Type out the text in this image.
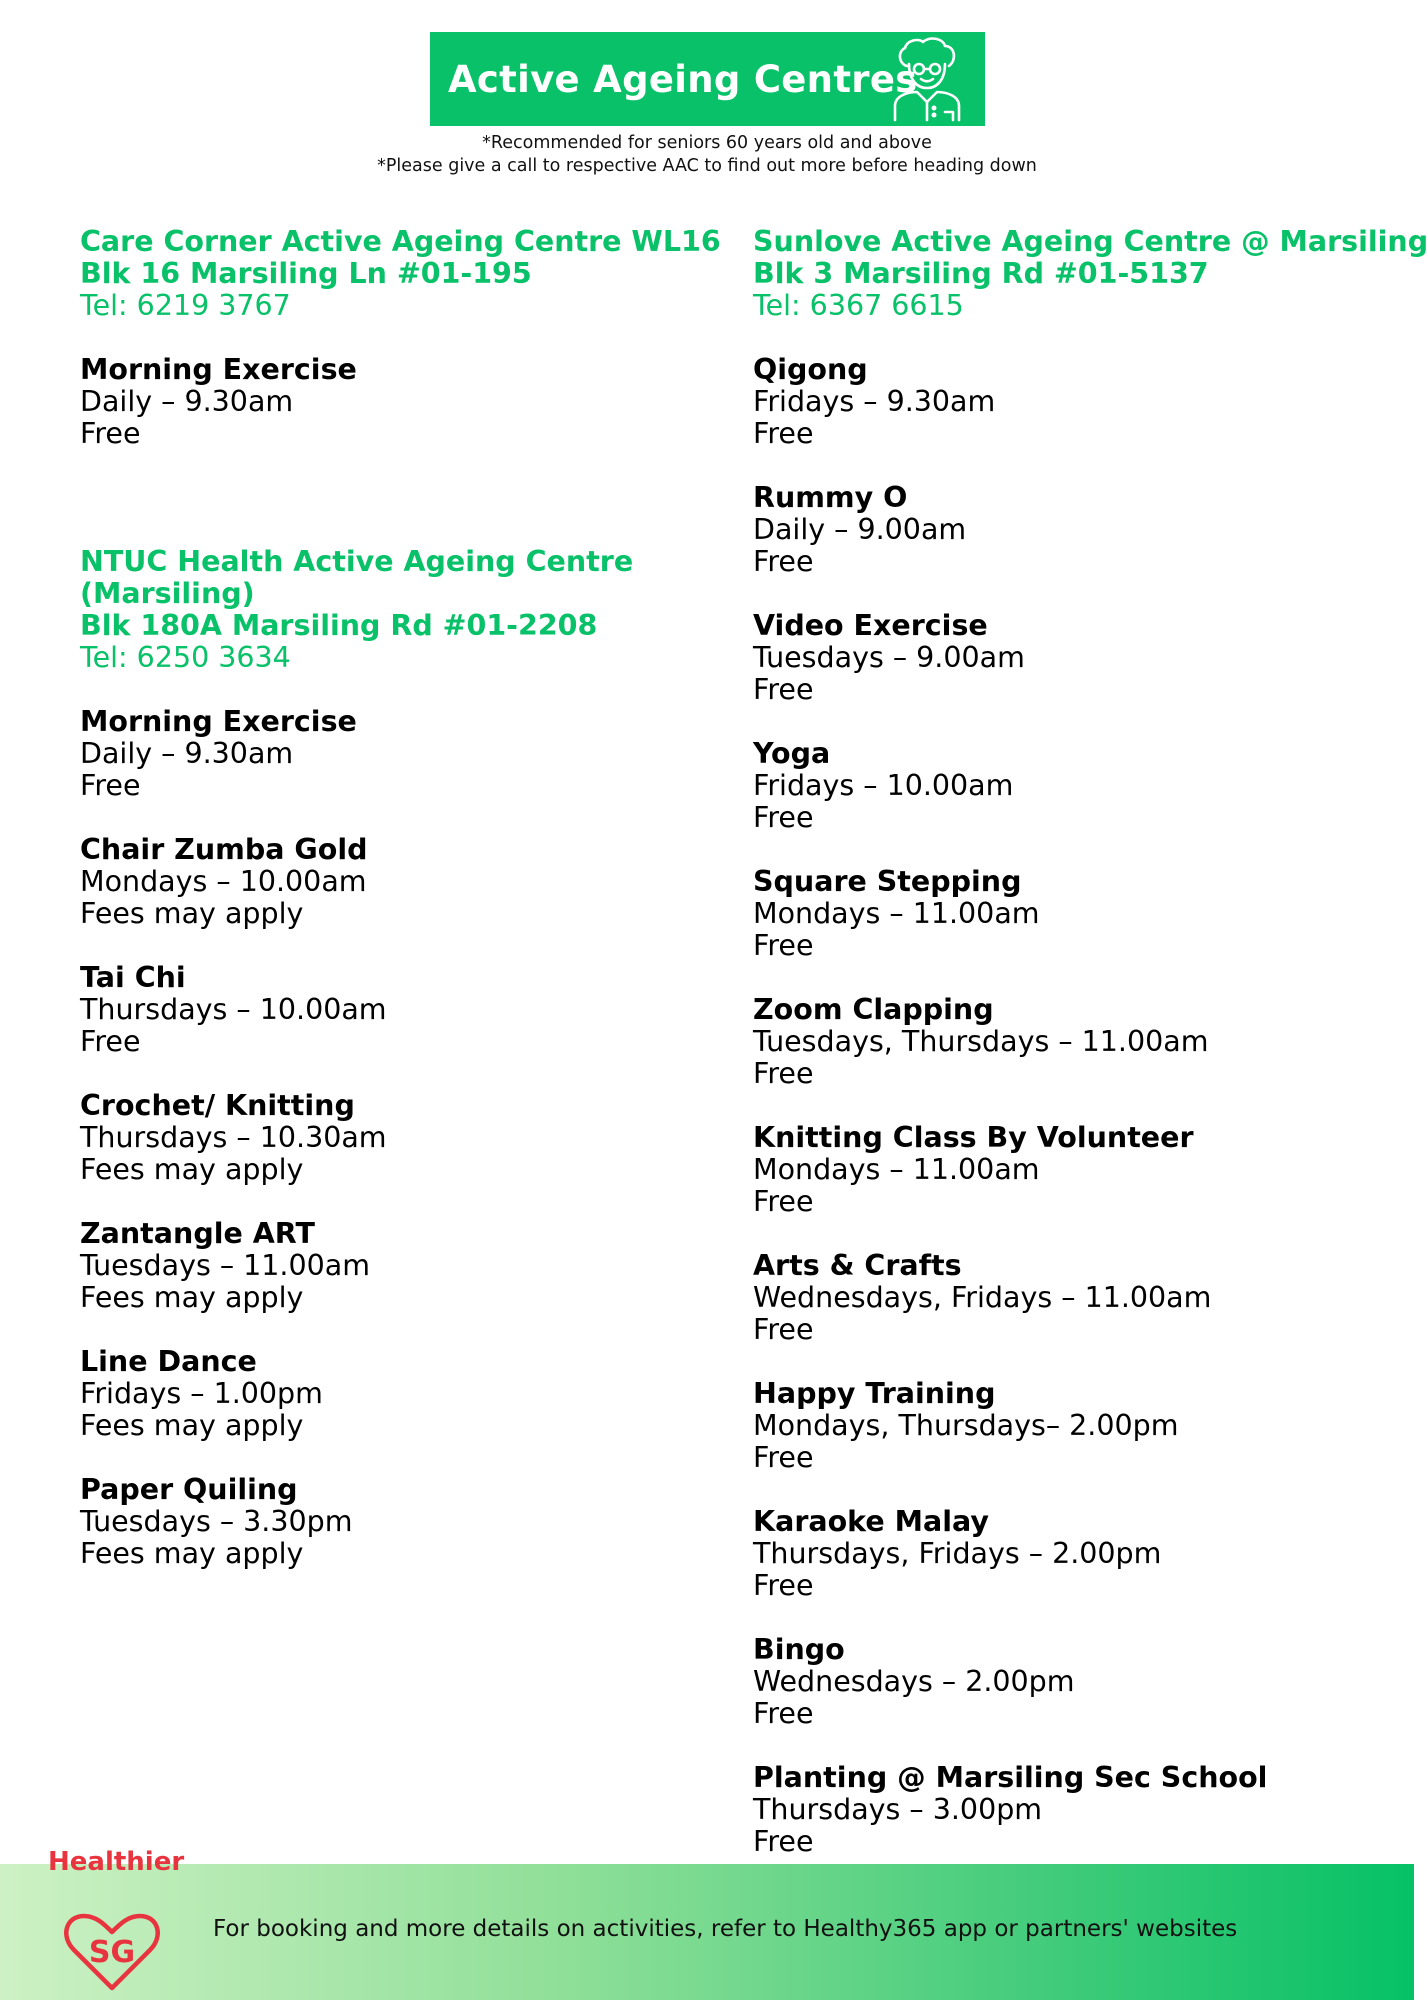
Active Ageing Centres
*Recommended for seniors 60 years old and above
*Please give a call to respective AAC to find out more before heading down
Care Corner Active Ageing Centre WL16
Blk 16 Marsiling Ln #01-195
Tel: 6219 3767
Morning Exercise
Daily – 9.30am
Free
NTUC Health Active Ageing Centre
(Marsiling)
Blk 180A Marsiling Rd #01-2208
Tel: 6250 3634
Morning Exercise
Daily – 9.30am
Free
Chair Zumba Gold
Mondays – 10.00am
Fees may apply
Tai Chi
Thursdays – 10.00am
Free
Crochet/ Knitting
Thursdays – 10.30am
Fees may apply
Zantangle ART
Tuesdays – 11.00am
Fees may apply
Line Dance
Fridays – 1.00pm
Fees may apply
Paper Quiling
Tuesdays – 3.30pm
Fees may apply
Sunlove Active Ageing Centre @ Marsiling
Blk 3 Marsiling Rd #01-5137
Tel: 6367 6615
Qigong
Fridays – 9.30am
Free
Rummy O
Daily – 9.00am
Free
Video Exercise
Tuesdays – 9.00am
Free
Yoga
Fridays – 10.00am
Free
Square Stepping
Mondays – 11.00am
Free
Zoom Clapping
Tuesdays, Thursdays – 11.00am
Free
Knitting Class By Volunteer
Mondays – 11.00am
Free
Arts & Crafts
Wednesdays, Fridays – 11.00am
Free
Happy Training
Mondays, Thursdays– 2.00pm
Free
Karaoke Malay
Thursdays, Fridays – 2.00pm
Free
Bingo
Wednesdays – 2.00pm
Free
Planting @ Marsiling Sec School
Thursdays – 3.00pm
Free
Healthier
SG
For booking and more details on activities, refer to Healthy365 app or partners' websites
